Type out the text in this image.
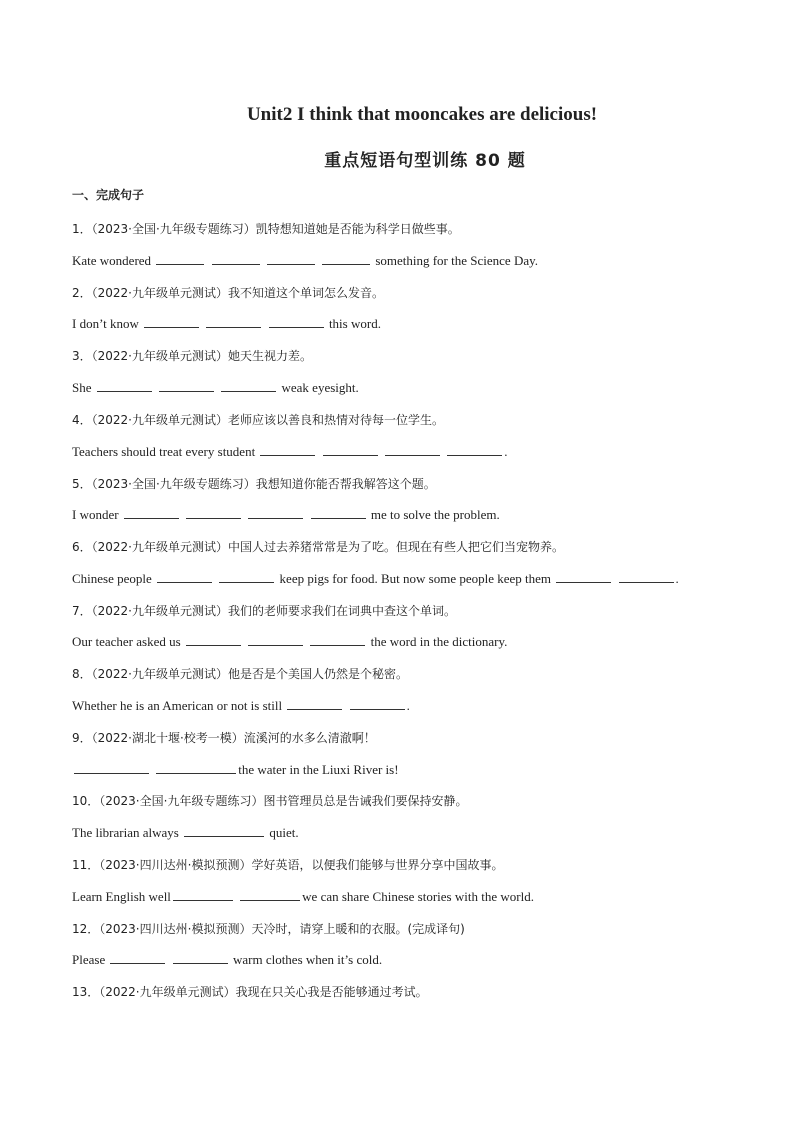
Unit2 I think that mooncakes are delicious!
重点短语句型训练 80 题
一、完成句子
1．（2023·全国·九年级专题练习）凯特想知道她是否能为科学日做些事。
Kate wondered	something for the Science Day.
2．（2022·九年级单元测试）我不知道这个单词怎么发音。
I don’t know	this word.
3．（2022·九年级单元测试）她天生视力差。
She	weak eyesight.
4．（2022·九年级单元测试）老师应该以善良和热情对待每一位学生。
Teachers should treat every student	.
5．（2023·全国·九年级专题练习）我想知道你能否帮我解答这个题。
I wonder	me to solve the problem.
6．（2022·九年级单元测试）中国人过去养猪常常是为了吃。但现在有些人把它们当宠物养。
Chinese people	keep pigs for food. But now some people keep them	.
7．（2022·九年级单元测试）我们的老师要求我们在词典中查这个单词。
Our teacher asked us	the word in the dictionary.
8．（2022·九年级单元测试）他是否是个美国人仍然是个秘密。
Whether he is an American or not is still	.
9．（2022·湖北十堰·校考一模）流溪河的水多么清澈啊！
the water in the Liuxi River is!
10．（2023·全国·九年级专题练习）图书管理员总是告诫我们要保持安静。
The librarian always	quiet.
11．（2023·四川达州·模拟预测）学好英语，以便我们能够与世界分享中国故事。
Learn English well	we can share Chinese stories with the world.
12．（2023·四川达州·模拟预测）天冷时，请穿上暖和的衣服。(完成译句)
Please	warm clothes when it’s cold.
13．（2022·九年级单元测试）我现在只关心我是否能够通过考试。
